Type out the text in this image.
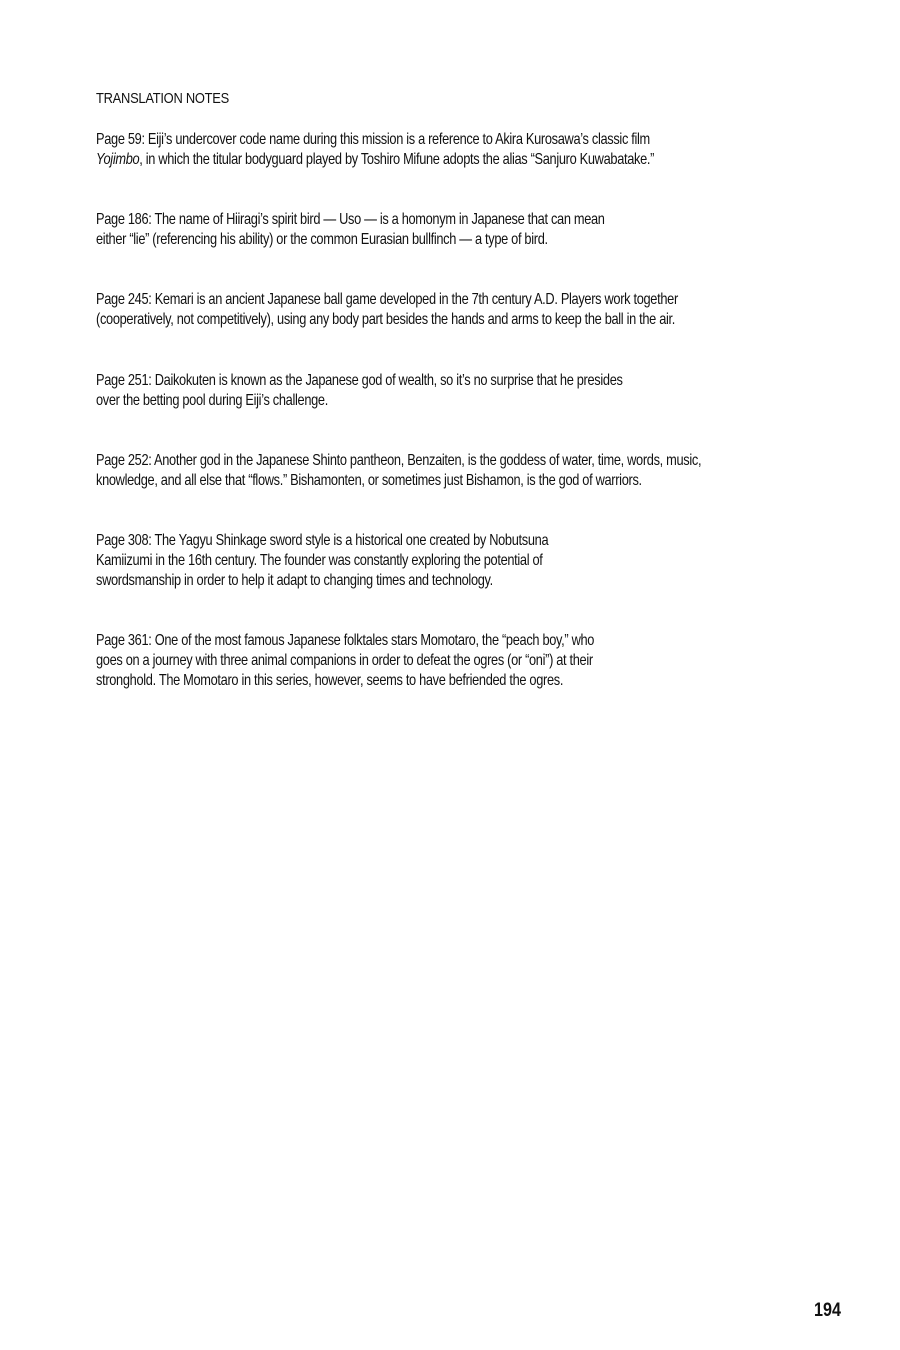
TRANSLATION NOTES
Page 59: Eiji’s undercover code name during this mission is a reference to Akira Kurosawa’s classic film
Yojimbo, in which the titular bodyguard played by Toshiro Mifune adopts the alias “Sanjuro Kuwabatake.”
Page 186: The name of Hiiragi’s spirit bird — Uso — is a homonym in Japanese that can mean
either “lie” (referencing his ability) or the common Eurasian bullfinch — a type of bird.
Page 245: Kemari is an ancient Japanese ball game developed in the 7th century A.D. Players work together
(cooperatively, not competitively), using any body part besides the hands and arms to keep the ball in the air.
Page 251: Daikokuten is known as the Japanese god of wealth, so it’s no surprise that he presides
over the betting pool during Eiji’s challenge.
Page 252: Another god in the Japanese Shinto pantheon, Benzaiten, is the goddess of water, time, words, music,
knowledge, and all else that “flows.” Bishamonten, or sometimes just Bishamon, is the god of warriors.
Page 308: The Yagyu Shinkage sword style is a historical one created by Nobutsuna
Kamiizumi in the 16th century. The founder was constantly exploring the potential of
swordsmanship in order to help it adapt to changing times and technology.
Page 361: One of the most famous Japanese folktales stars Momotaro, the “peach boy,” who
goes on a journey with three animal companions in order to defeat the ogres (or “oni”) at their
stronghold. The Momotaro in this series, however, seems to have befriended the ogres.
194
